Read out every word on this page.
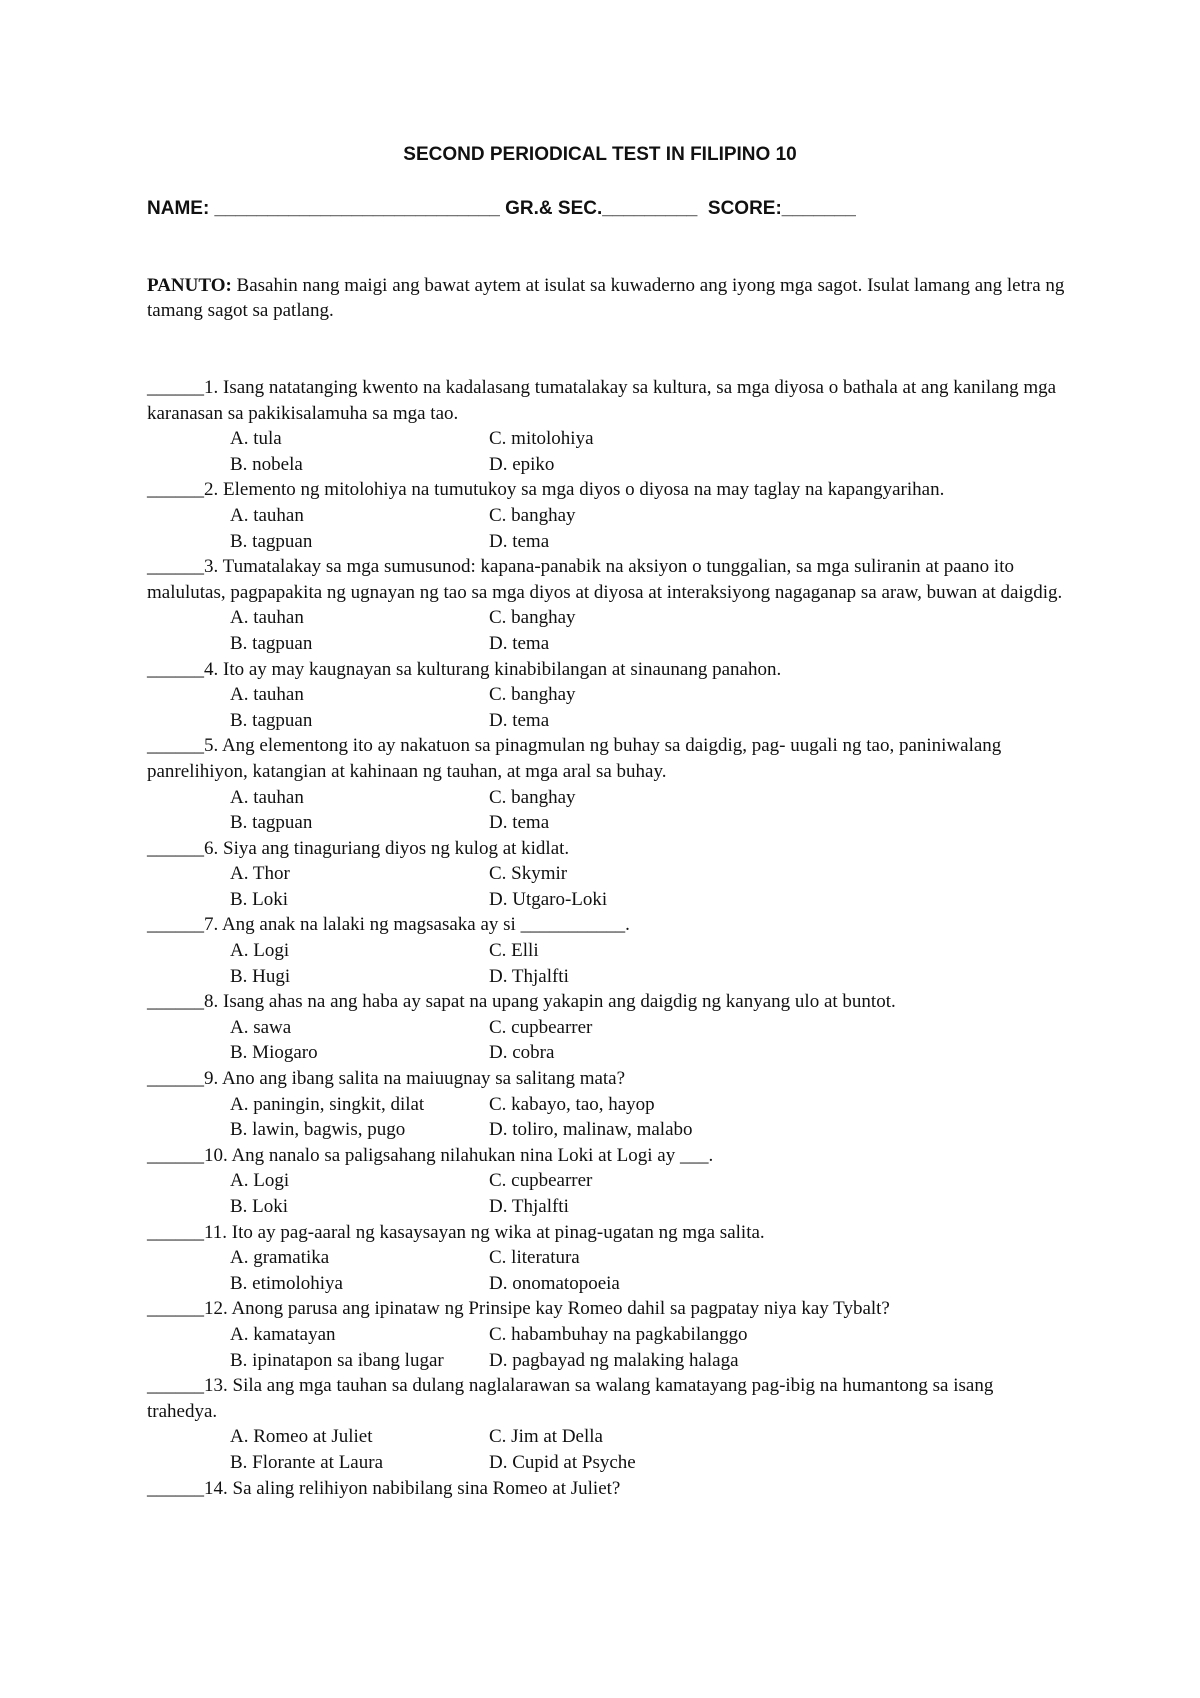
SECOND PERIODICAL TEST IN FILIPINO 10
NAME: ___________________________ GR.& SEC._________  SCORE:_______
PANUTO: Basahin nang maigi ang bawat aytem at isulat sa kuwaderno ang iyong mga sagot. Isulat lamang ang letra ng tamang sagot sa patlang.
______1. Isang natatanging kwento na kadalasang tumatalakay sa kultura, sa mga diyosa o bathala at ang kanilang mga karanasan sa pakikisalamuha sa mga tao.
A. tula	C. mitolohiya
B. nobela	D. epiko
______2. Elemento ng mitolohiya na tumutukoy sa mga diyos o diyosa na may taglay na kapangyarihan.
A. tauhan	C. banghay
B. tagpuan	D. tema
______3. Tumatalakay sa mga sumusunod: kapana-panabik na aksiyon o tunggalian, sa mga suliranin at paano ito malulutas, pagpapakita ng ugnayan ng tao sa mga diyos at diyosa at interaksiyong nagaganap sa araw, buwan at daigdig.
A. tauhan	C. banghay
B. tagpuan	D. tema
______4. Ito ay may kaugnayan sa kulturang kinabibilangan at sinaunang panahon.
A. tauhan	C. banghay
B. tagpuan	D. tema
______5. Ang elementong ito ay nakatuon sa pinagmulan ng buhay sa daigdig, pag- uugali ng tao, paniniwalang panrelihiyon, katangian at kahinaan ng tauhan, at mga aral sa buhay.
A. tauhan	C. banghay
B. tagpuan	D. tema
______6. Siya ang tinaguriang diyos ng kulog at kidlat.
A. Thor	C. Skymir
B. Loki	D. Utgaro-Loki
______7. Ang anak na lalaki ng magsasaka ay si ___________.
A. Logi	C. Elli
B. Hugi	D. Thjalfti
______8. Isang ahas na ang haba ay sapat na upang yakapin ang daigdig ng kanyang ulo at buntot.
A. sawa	C. cupbearrer
B. Miogaro	D. cobra
______9. Ano ang ibang salita na maiuugnay sa salitang mata?
A. paningin, singkit, dilat	C. kabayo, tao, hayop
B. lawin, bagwis, pugo	D. toliro, malinaw, malabo
______10. Ang nanalo sa paligsahang nilahukan nina Loki at Logi ay ___.
A. Logi	C. cupbearrer
B. Loki	D. Thjalfti
______11. Ito ay pag-aaral ng kasaysayan ng wika at pinag-ugatan ng mga salita.
A. gramatika	C. literatura
B. etimolohiya	D. onomatopoeia
______12. Anong parusa ang ipinataw ng Prinsipe kay Romeo dahil sa pagpatay niya kay Tybalt?
A. kamatayan	C. habambuhay na pagkabilanggo
B. ipinatapon sa ibang lugar D. pagbayad ng malaking halaga
______13. Sila ang mga tauhan sa dulang naglalarawan sa walang kamatayang pag-ibig na humantong sa isang trahedya.
A. Romeo at Juliet	C. Jim at Della
B. Florante at Laura	D. Cupid at Psyche
______14. Sa aling relihiyon nabibilang sina Romeo at Juliet?
